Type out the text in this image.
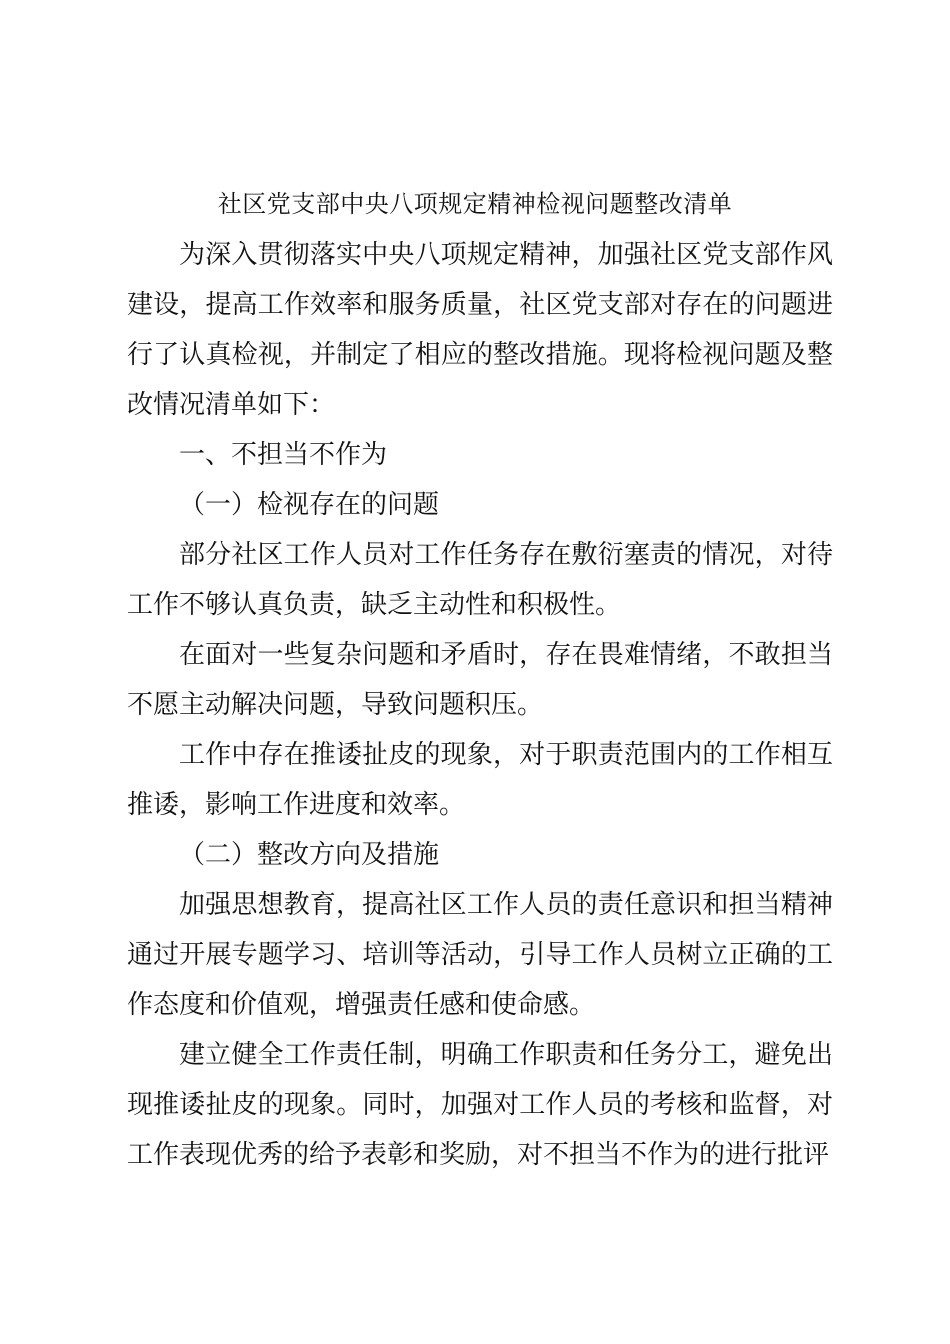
社区党支部中央八项规定精神检视问题整改清单

为深入贯彻落实中央八项规定精神，加强社区党支部作风建设，提高工作效率和服务质量，社区党支部对存在的问题进行了认真检视，并制定了相应的整改措施。现将检视问题及整改情况清单如下：

一、不担当不作为

（一）检视存在的问题

部分社区工作人员对工作任务存在敷衍塞责的情况，对待工作不够认真负责，缺乏主动性和积极性。

在面对一些复杂问题和矛盾时，存在畏难情绪，不敢担当不愿主动解决问题，导致问题积压。

工作中存在推诿扯皮的现象，对于职责范围内的工作相互推诿，影响工作进度和效率。

（二）整改方向及措施

加强思想教育，提高社区工作人员的责任意识和担当精神通过开展专题学习、培训等活动，引导工作人员树立正确的工作态度和价值观，增强责任感和使命感。

建立健全工作责任制，明确工作职责和任务分工，避免出现推诿扯皮的现象。同时，加强对工作人员的考核和监督，对工作表现优秀的给予表彰和奖励，对不担当不作为的进行批评
